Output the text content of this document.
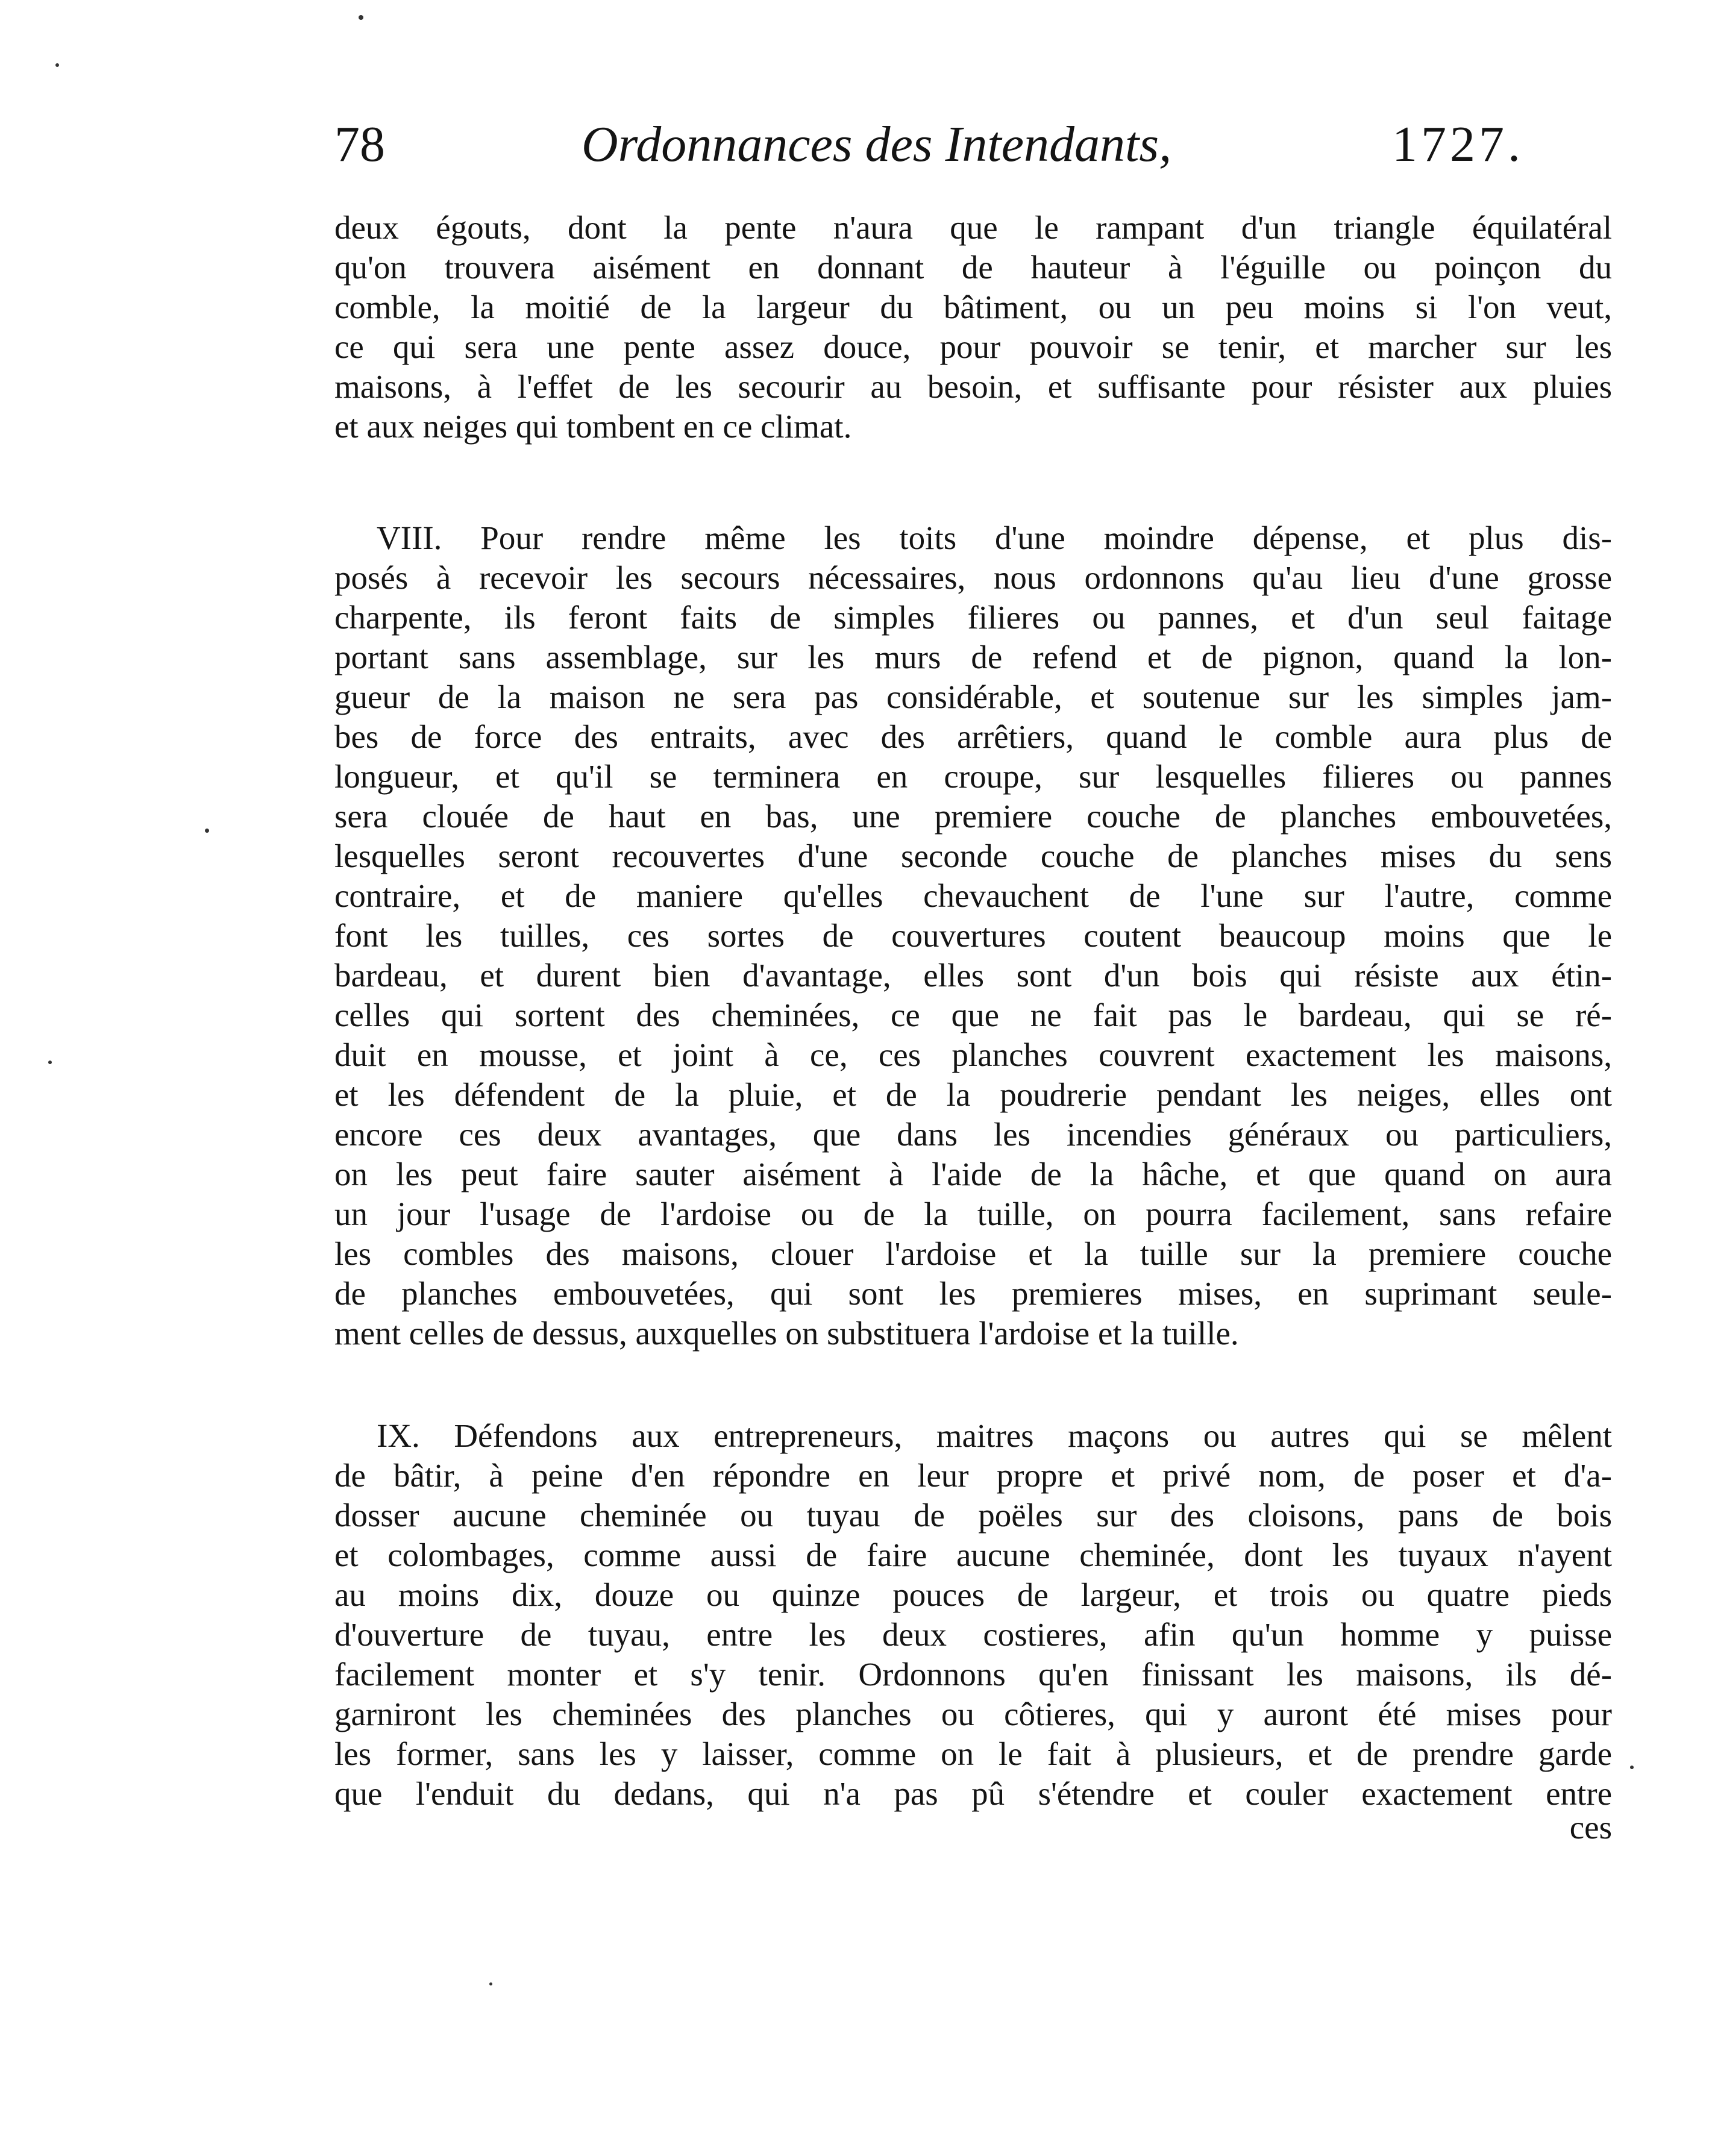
78	Ordonnances des Intendants,	1727.
deux égouts, dont la pente n'aura que le rampant d'un triangle équilatéral
qu'on trouvera aisément en donnant de hauteur à l'éguille ou poinçon du
comble, la moitié de la largeur du bâtiment, ou un peu moins si l'on veut,
ce qui sera une pente assez douce, pour pouvoir se tenir, et marcher sur les
maisons, à l'effet de les secourir au besoin, et suffisante pour résister aux pluies
et aux neiges qui tombent en ce climat.
VIII. Pour rendre même les toits d'une moindre dépense, et plus dis-
posés à recevoir les secours nécessaires, nous ordonnons qu'au lieu d'une grosse
charpente, ils feront faits de simples filieres ou pannes, et d'un seul faitage
portant sans assemblage, sur les murs de refend et de pignon, quand la lon-
gueur de la maison ne sera pas considérable, et soutenue sur les simples jam-
bes de force des entraits, avec des arrêtiers, quand le comble aura plus de
longueur, et qu'il se terminera en croupe, sur lesquelles filieres ou pannes
sera clouée de haut en bas, une premiere couche de planches embouvetées,
lesquelles seront recouvertes d'une seconde couche de planches mises du sens
contraire, et de maniere qu'elles chevauchent de l'une sur l'autre, comme
font les tuilles, ces sortes de couvertures coutent beaucoup moins que le
bardeau, et durent bien d'avantage, elles sont d'un bois qui résiste aux étin-
celles qui sortent des cheminées, ce que ne fait pas le bardeau, qui se ré-
duit en mousse, et joint à ce, ces planches couvrent exactement les maisons,
et les défendent de la pluie, et de la poudrerie pendant les neiges, elles ont
encore ces deux avantages, que dans les incendies généraux ou particuliers,
on les peut faire sauter aisément à l'aide de la hâche, et que quand on aura
un jour l'usage de l'ardoise ou de la tuille, on pourra facilement, sans refaire
les combles des maisons, clouer l'ardoise et la tuille sur la premiere couche
de planches embouvetées, qui sont les premieres mises, en suprimant seule-
ment celles de dessus, auxquelles on substituera l'ardoise et la tuille.
IX. Défendons aux entrepreneurs, maitres maçons ou autres qui se mêlent
de bâtir, à peine d'en répondre en leur propre et privé nom, de poser et d'a-
dosser aucune cheminée ou tuyau de poëles sur des cloisons, pans de bois
et colombages, comme aussi de faire aucune cheminée, dont les tuyaux n'ayent
au moins dix, douze ou quinze pouces de largeur, et trois ou quatre pieds
d'ouverture de tuyau, entre les deux costieres, afin qu'un homme y puisse
facilement monter et s'y tenir. Ordonnons qu'en finissant les maisons, ils dé-
garniront les cheminées des planches ou côtieres, qui y auront été mises pour
les former, sans les y laisser, comme on le fait à plusieurs, et de prendre garde
que l'enduit du dedans, qui n'a pas pû s'étendre et couler exactement entre
ces
